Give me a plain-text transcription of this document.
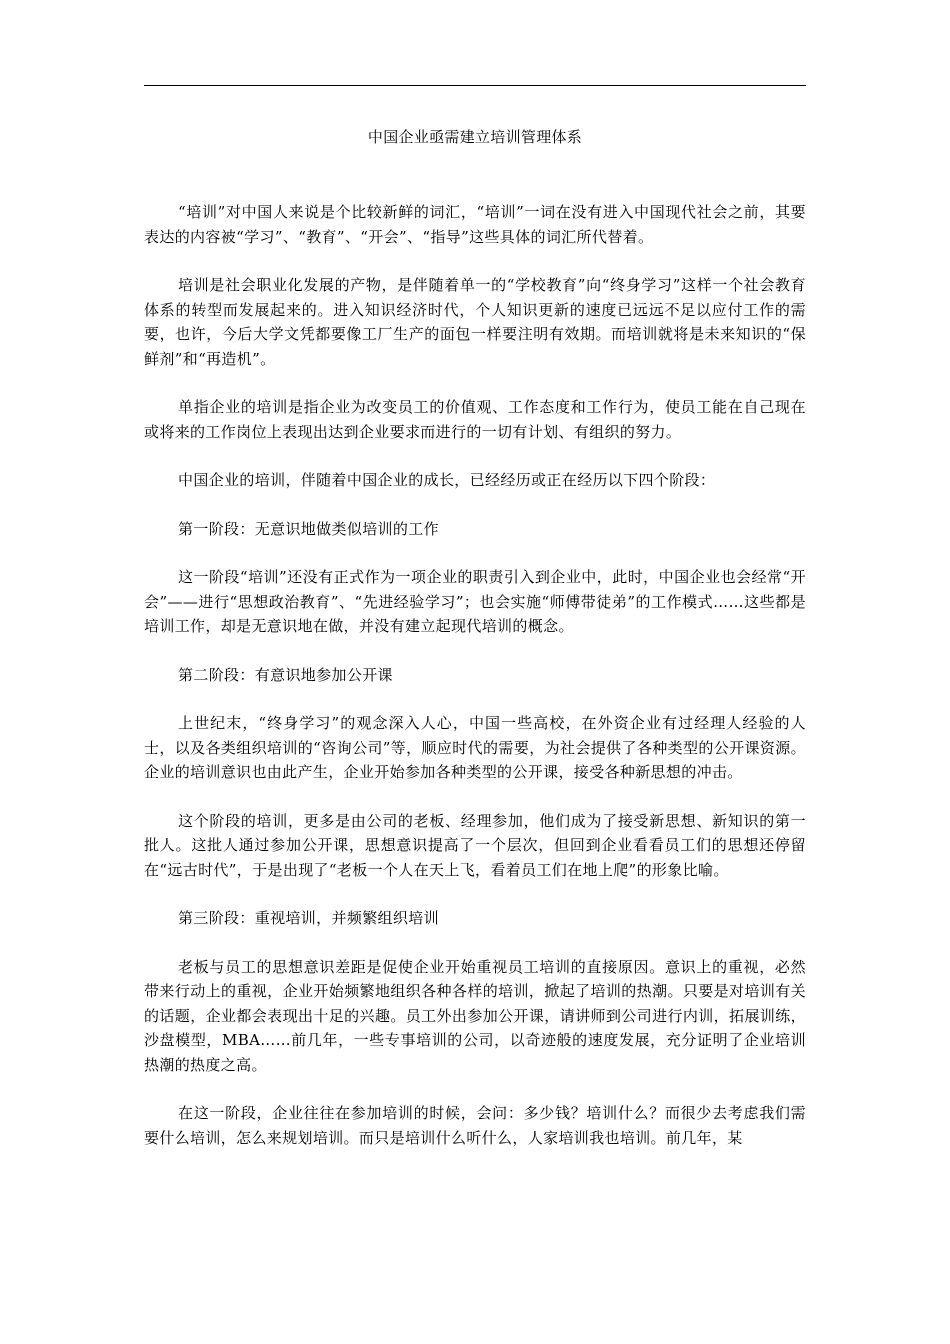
中国企业亟需建立培训管理体系

“培训”对中国人来说是个比较新鲜的词汇，“培训”一词在没有进入中国现代社会之前，其要表达的内容被“学习”、“教育”、“开会”、“指导”这些具体的词汇所代替着。

培训是社会职业化发展的产物，是伴随着单一的“学校教育”向“终身学习”这样一个社会教育体系的转型而发展起来的。进入知识经济时代，个人知识更新的速度已远远不足以应付工作的需要，也许，今后大学文凭都要像工厂生产的面包一样要注明有效期。而培训就将是未来知识的“保鲜剂”和“再造机”。

单指企业的培训是指企业为改变员工的价值观、工作态度和工作行为，使员工能在自己现在或将来的工作岗位上表现出达到企业要求而进行的一切有计划、有组织的努力。

中国企业的培训，伴随着中国企业的成长，已经经历或正在经历以下四个阶段：

第一阶段：无意识地做类似培训的工作

这一阶段“培训”还没有正式作为一项企业的职责引入到企业中，此时，中国企业也会经常“开会”——进行“思想政治教育”、“先进经验学习”；也会实施“师傅带徒弟”的工作模式……这些都是培训工作，却是无意识地在做，并没有建立起现代培训的概念。

第二阶段：有意识地参加公开课

上世纪末，“终身学习”的观念深入人心，中国一些高校，在外资企业有过经理人经验的人士，以及各类组织培训的“咨询公司”等，顺应时代的需要，为社会提供了各种类型的公开课资源。企业的培训意识也由此产生，企业开始参加各种类型的公开课，接受各种新思想的冲击。

这个阶段的培训，更多是由公司的老板、经理参加，他们成为了接受新思想、新知识的第一批人。这批人通过参加公开课，思想意识提高了一个层次，但回到企业看看员工们的思想还停留在“远古时代”，于是出现了“老板一个人在天上飞，看着员工们在地上爬”的形象比喻。

第三阶段：重视培训，并频繁组织培训

老板与员工的思想意识差距是促使企业开始重视员工培训的直接原因。意识上的重视，必然带来行动上的重视，企业开始频繁地组织各种各样的培训，掀起了培训的热潮。只要是对培训有关的话题，企业都会表现出十足的兴趣。员工外出参加公开课，请讲师到公司进行内训，拓展训练，沙盘模型，MBA……前几年，一些专事培训的公司，以奇迹般的速度发展，充分证明了企业培训热潮的热度之高。

在这一阶段，企业往往在参加培训的时候，会问：多少钱？培训什么？而很少去考虑我们需要什么培训，怎么来规划培训。而只是培训什么听什么，人家培训我也培训。前几年，某
